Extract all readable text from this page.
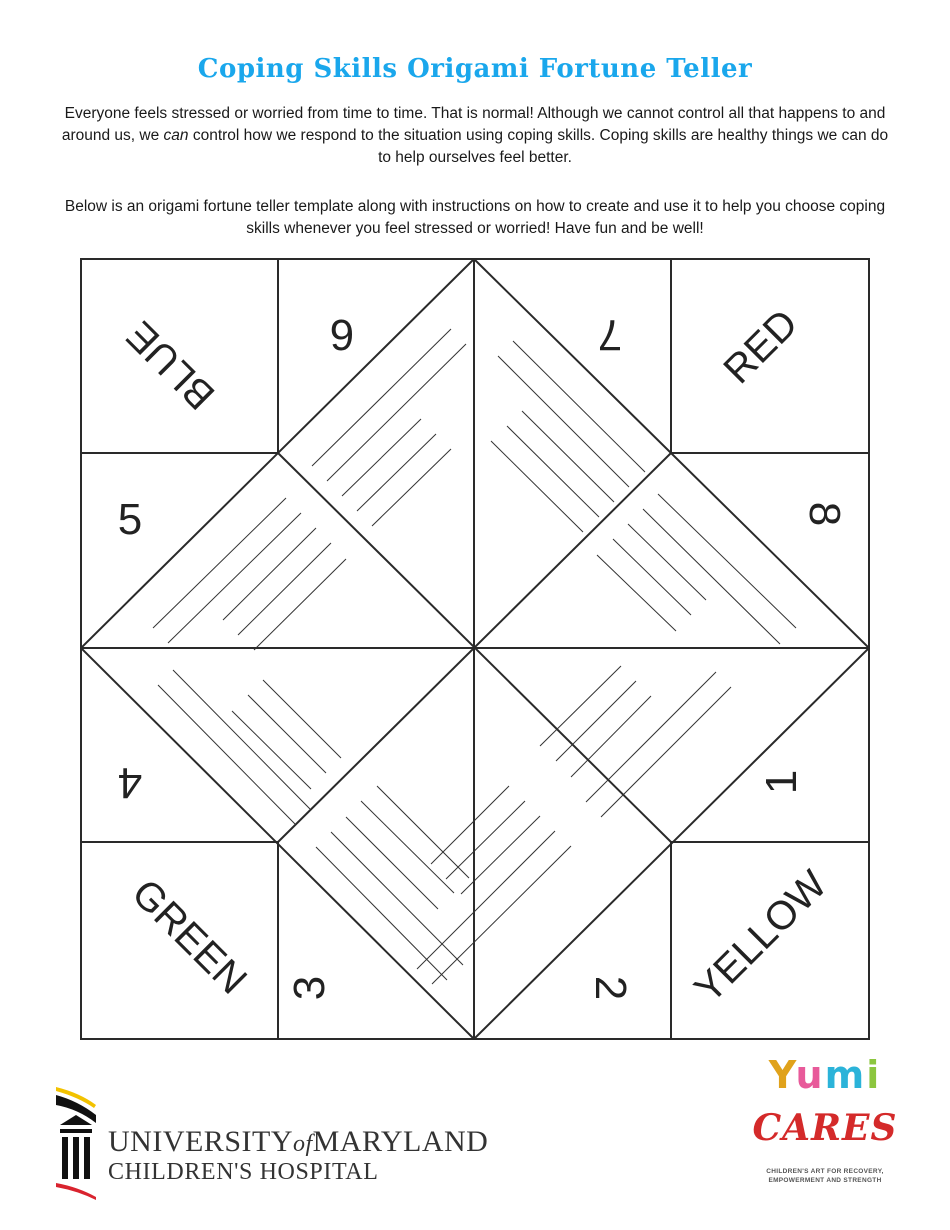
Coping Skills Origami Fortune Teller
Everyone feels stressed or worried from time to time. That is normal! Although we cannot control all that happens to and around us, we can control how we respond to the situation using coping skills. Coping skills are healthy things we can do to help ourselves feel better.
Below is an origami fortune teller template along with instructions on how to create and use it to help you choose coping skills whenever you feel stressed or worried! Have fun and be well!
BLUE	RED
GREEN	YELLOW
6	7
5	8
4	1
3	2
UNIVERSITYofMARYLAND
CHILDREN'S HOSPITAL
Yumi
CARES
CHILDREN'S ART FOR RECOVERY,
EMPOWERMENT AND STRENGTH
